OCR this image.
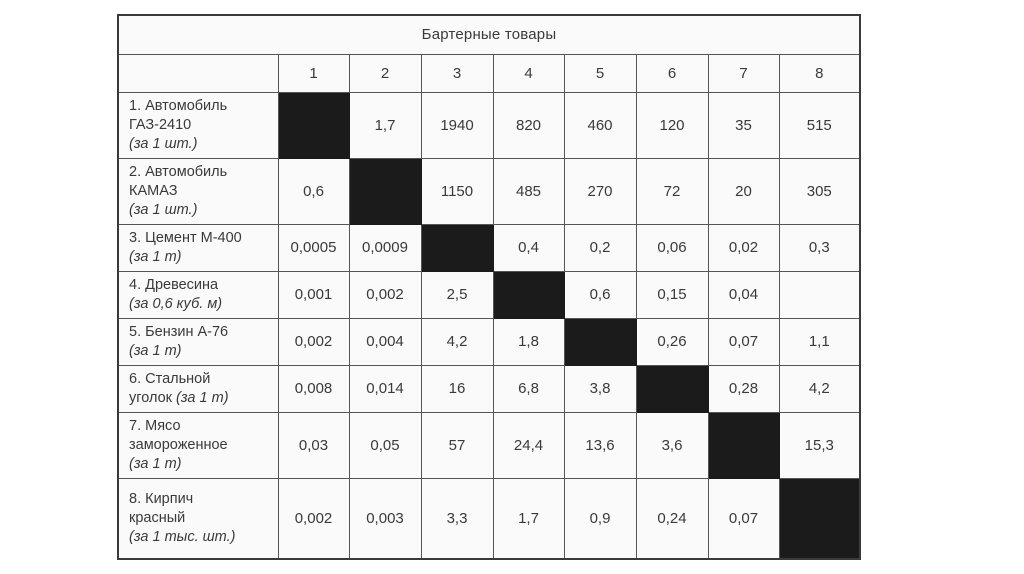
Бартерные товары								
	1	2	3	4	5	6	7	8

1. Автомобиль
ГАЗ-2410
(за 1 шт.)		1,7	1940	820	460	120	35	515

2. Автомобиль
КАМАЗ
(за 1 шт.)	0,6		1150	485	270	72	20	305

3. Цемент М-400
(за 1 т)	0,0005	0,0009		0,4	0,2	0,06	0,02	0,3

4. Древесина
(за 0,6 куб. м)	0,001	0,002	2,5		0,6	0,15	0,04	

5. Бензин А-76
(за 1 т)	0,002	0,004	4,2	1,8		0,26	0,07	1,1
6. Стальной
уголок (за 1 т)	0,008	0,014	16	6,8	3,8		0,28	4,2

7. Мясо
замороженное
(за 1 т)	0,03	0,05	57	24,4	13,6	3,6		15,3

8. Кирпич
красный
(за 1 тыс. шт.)	0,002	0,003	3,3	1,7	0,9	0,24	0,07	
